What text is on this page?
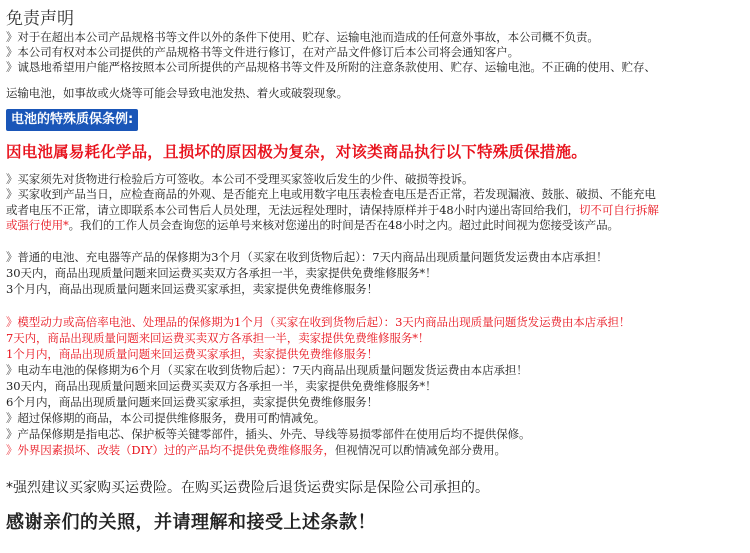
免责声明
》对于在超出本公司产品规格书等文件以外的条件下使用、贮存、运输电池而造成的任何意外事故，本公司概不负责。
》本公司有权对本公司提供的产品规格书等文件进行修订，在对产品文件修订后本公司将会通知客户。
》诚恳地希望用户能严格按照本公司所提供的产品规格书等文件及所附的注意条款使用、贮存、运输电池。不正确的使用、贮存、
运输电池，如事故或火烧等可能会导致电池发热、着火或破裂现象。
电池的特殊质保条例:
因电池属易耗化学品，且损坏的原因极为复杂，对该类商品执行以下特殊质保措施。
》买家须先对货物进行检验后方可签收。本公司不受理买家签收后发生的少件、破损等投诉。
》买家收到产品当日，应检查商品的外观、是否能充上电或用数字电压表检查电压是否正常，若发现漏液、鼓胀、破损、不能充电
或者电压不正常，请立即联系本公司售后人员处理，无法远程处理时，请保持原样并于48小时内递出寄回给我们，切不可自行拆解
或强行使用*。我们的工作人员会查询您的运单号来核对您递出的时间是否在48小时之内。超过此时间视为您接受该产品。
》普通的电池、充电器等产品的保修期为3个月（买家在收到货物后起）：7天内商品出现质量问题货发运费由本店承担！
30天内，商品出现质量问题来回运费买卖双方各承担一半，卖家提供免费维修服务*！
3个月内，商品出现质量问题来回运费买家承担，卖家提供免费维修服务！
》模型动力或高倍率电池、处理品的保修期为1个月（买家在收到货物后起）：3天内商品出现质量问题货发运费由本店承担！
7天内，商品出现质量问题来回运费买卖双方各承担一半，卖家提供免费维修服务*！
1个月内，商品出现质量问题来回运费买家承担，卖家提供免费维修服务！
》电动车电池的保修期为6个月（买家在收到货物后起）：7天内商品出现质量问题发货运费由本店承担！
30天内，商品出现质量问题来回运费买卖双方各承担一半，卖家提供免费维修服务*！
6个月内，商品出现质量问题来回运费买家承担，卖家提供免费维修服务！
》超过保修期的商品，本公司提供维修服务，费用可酌情减免。
》产品保修期是指电芯、保护板等关键零部件，插头、外壳、导线等易损零部件在使用后均不提供保修。
》外界因素损坏、改装（DIY）过的产品均不提供免费维修服务，但视情况可以酌情减免部分费用。
*强烈建议买家购买运费险。在购买运费险后退货运费实际是保险公司承担的。
感谢亲们的关照，并请理解和接受上述条款！
